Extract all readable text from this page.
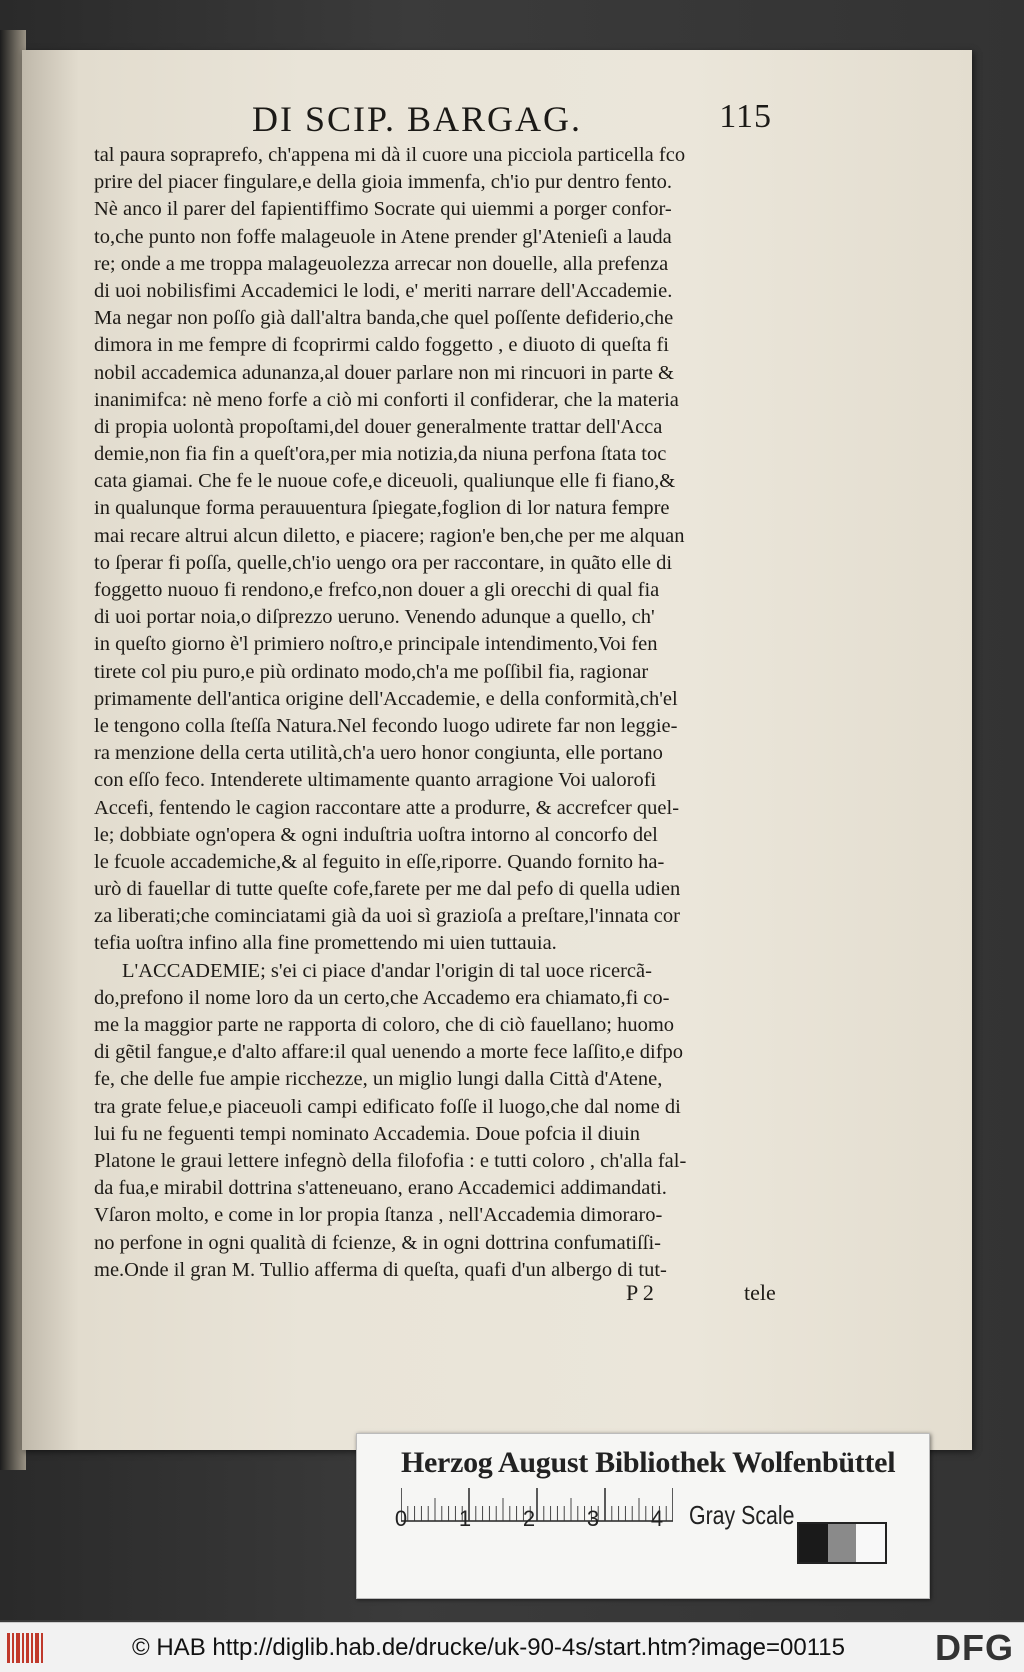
DI SCIP. BARGAG.	115
tal paura sopraprefo, ch'appena mi dà il cuore una picciola particella fco
prire del piacer fingulare,e della gioia immenfa, ch'io pur dentro fento.
Nè anco il parer del fapientiffimo Socrate qui uiemmi a porger confor-
to,che punto non foffe malageuole in Atene prender gl'Atenieſi a lauda
re; onde a me troppa malageuolezza arrecar non douelle, alla prefenza
di uoi nobilisfimi Accademici le lodi, e' meriti narrare dell'Accademie.
Ma negar non poſſo già dall'altra banda,che quel poſſente defiderio,che
dimora in me fempre di fcoprirmi caldo foggetto , e diuoto di queſta fi
nobil accademica adunanza,al douer parlare non mi rincuori in parte &
inanimifca: nè meno forfe a ciò mi conforti il confiderar, che la materia
di propia uolontà propoſtami,del douer generalmente trattar dell'Acca
demie,non fia fin a queſt'ora,per mia notizia,da niuna perfona ſtata toc
cata giamai. Che fe le nuoue cofe,e diceuoli, qualiunque elle fi fiano,&
in qualunque forma perauuentura ſpiegate,foglion di lor natura fempre
mai recare altrui alcun diletto, e piacere; ragion'e ben,che per me alquan
to ſperar fi poſſa, quelle,ch'io uengo ora per raccontare, in quãto elle di
foggetto nuouo fi rendono,e frefco,non douer a gli orecchi di qual fia
di uoi portar noia,o diſprezzo ueruno. Venendo adunque a quello, ch'
in queſto giorno è'l primiero noſtro,e principale intendimento,Voi fen
tirete col piu puro,e più ordinato modo,ch'a me poſſibil fia, ragionar
primamente dell'antica origine dell'Accademie, e della conformità,ch'el
le tengono colla ſteſſa Natura.Nel fecondo luogo udirete far non leggie-
ra menzione della certa utilità,ch'a uero honor congiunta, elle portano
con eſſo feco. Intenderete ultimamente quanto arragione Voi ualorofi
Accefi, fentendo le cagion raccontare atte a produrre, & accrefcer quel-
le; dobbiate ogn'opera & ogni induſtria uoſtra intorno al concorfo del
le fcuole accademiche,& al feguito in eſſe,riporre. Quando fornito ha-
urò di fauellar di tutte queſte cofe,farete per me dal pefo di quella udien
za liberati;che cominciatami già da uoi sì grazioſa a preſtare,l'innata cor
tefia uoſtra infino alla fine promettendo mi uien tuttauia.
L'ACCADEMIE; s'ei ci piace d'andar l'origin di tal uoce ricercã-
do,prefono il nome loro da un certo,che Accademo era chiamato,fi co-
me la maggior parte ne rapporta di coloro, che di ciò fauellano; huomo
di gẽtil fangue,e d'alto affare:il qual uenendo a morte fece laſſito,e difpo
fe, che delle fue ampie ricchezze, un miglio lungi dalla Città d'Atene,
tra grate felue,e piaceuoli campi edificato foſſe il luogo,che dal nome di
lui fu ne feguenti tempi nominato Accademia. Doue pofcia il diuin
Platone le graui lettere infegnò della filofofia : e tutti coloro , ch'alla fal-
da fua,e mirabil dottrina s'atteneuano, erano Accademici addimandati.
Vſaron molto, e come in lor propia ſtanza , nell'Accademia dimoraro-
no perfone in ogni qualità di fcienze, & in ogni dottrina confumatiſſi-
me.Onde il gran M. Tullio afferma di queſta, quafi d'un albergo di tut-
P 2	tele
Herzog August Bibliothek Wolfenbüttel
0 1 2 3 4 Gray Scale
© HAB http://diglib.hab.de/drucke/uk-90-4s/start.htm?image=00115	DFG
